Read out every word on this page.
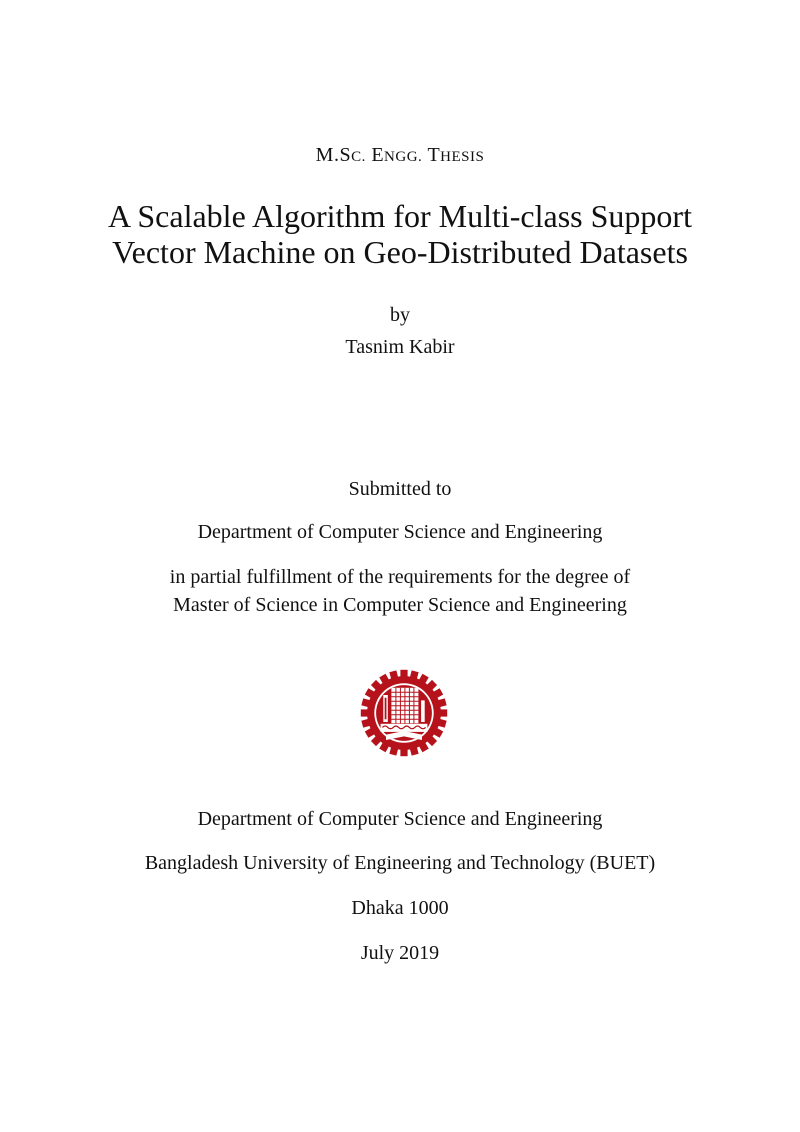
M.SC. ENGG. THESIS
A Scalable Algorithm for Multi-class Support
Vector Machine on Geo-Distributed Datasets
by
Tasnim Kabir
Submitted to
Department of Computer Science and Engineering
in partial fulfillment of the requirements for the degree of
Master of Science in Computer Science and Engineering
Department of Computer Science and Engineering
Bangladesh University of Engineering and Technology (BUET)
Dhaka 1000
July 2019
